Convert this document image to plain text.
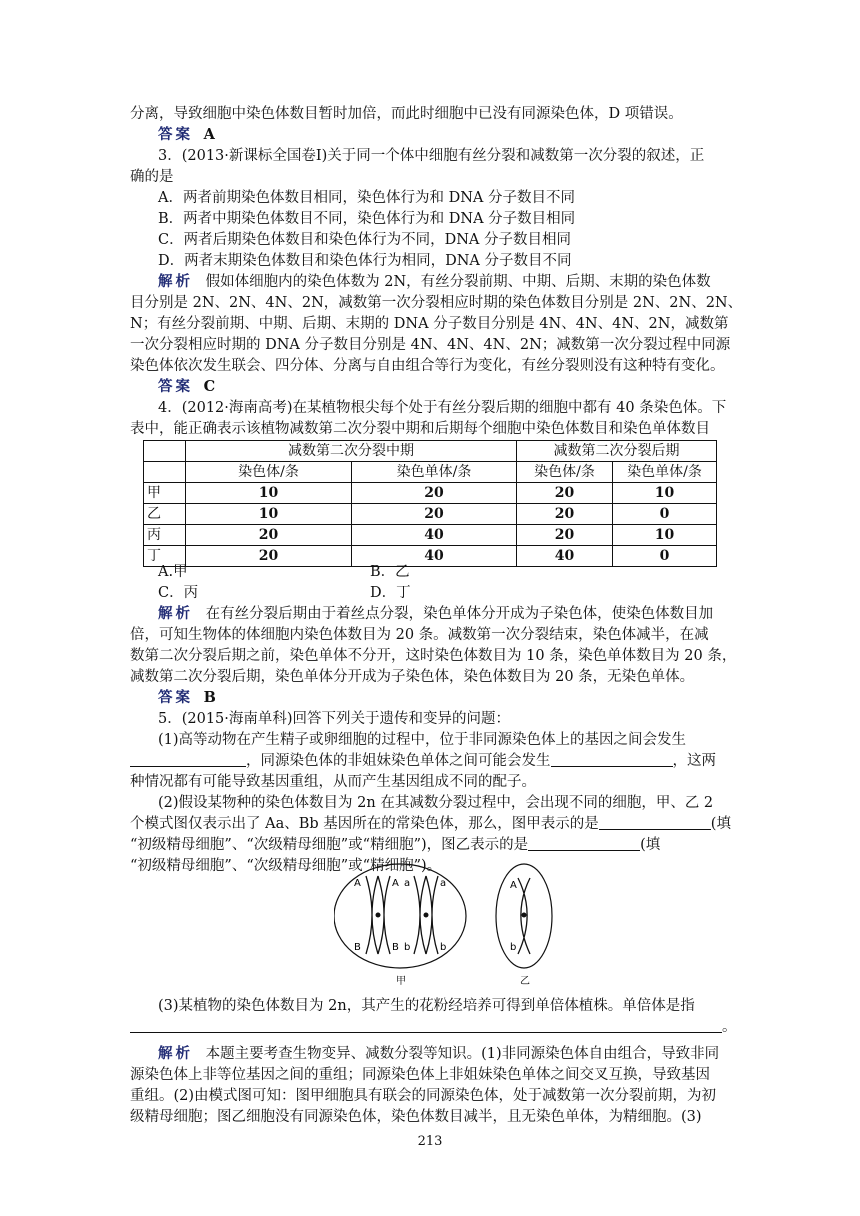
分离，导致细胞中染色体数目暂时加倍，而此时细胞中已没有同源染色体，D 项错误。
答案 A
3．(2013·新课标全国卷Ⅰ)关于同一个体中细胞有丝分裂和减数第一次分裂的叙述，正
确的是
A．两者前期染色体数目相同，染色体行为和 DNA 分子数目不同
B．两者中期染色体数目不同，染色体行为和 DNA 分子数目相同
C．两者后期染色体数目和染色体行为不同，DNA 分子数目相同
D．两者末期染色体数目和染色体行为相同，DNA 分子数目不同
解析 假如体细胞内的染色体数为 2N，有丝分裂前期、中期、后期、末期的染色体数
目分别是 2N、2N、4N、2N，减数第一次分裂相应时期的染色体数目分别是 2N、2N、2N、
N；有丝分裂前期、中期、后期、末期的 DNA 分子数目分别是 4N、4N、4N、2N，减数第
一次分裂相应时期的 DNA 分子数目分别是 4N、4N、4N、2N；减数第一次分裂过程中同源
染色体依次发生联会、四分体、分离与自由组合等行为变化，有丝分裂则没有这种特有变化。
答案 C
4．(2012·海南高考)在某植物根尖每个处于有丝分裂后期的细胞中都有 40 条染色体。下
表中，能正确表示该植物减数第二次分裂中期和后期每个细胞中染色体数目和染色单体数目
	减数第二次分裂中期		减数第二次分裂后期	
	染色体/条	染色单体/条	染色体/条	染色单体/条
甲	10	20	20	10
乙	10	20	20	0
丙	20	40	20	10
丁	20	40	40	0
A.甲	B．乙
C．丙	D．丁
解析 在有丝分裂后期由于着丝点分裂，染色单体分开成为子染色体，使染色体数目加
倍，可知生物体的体细胞内染色体数目为 20 条。减数第一次分裂结束，染色体减半，在减
数第二次分裂后期之前，染色单体不分开，这时染色体数目为 10 条，染色单体数目为 20 条，
减数第二次分裂后期，染色单体分开成为子染色体，染色体数目为 20 条，无染色单体。
答案 B
5．(2015·海南单科)回答下列关于遗传和变异的问题：
(1)高等动物在产生精子或卵细胞的过程中，位于非同源染色体上的基因之间会发生
，同源染色体的非姐妹染色单体之间可能会发生	，这两
种情况都有可能导致基因重组，从而产生基因组成不同的配子。
(2)假设某物种的染色体数目为 2n 在其减数分裂过程中，会出现不同的细胞，甲、乙 2
个模式图仅表示出了 Aa、Bb 基因所在的常染色体，那么，图甲表示的是	(填
“初级精母细胞”、“次级精母细胞”或“精细胞”)，图乙表示的是	(填
“初级精母细胞”、“次级精母细胞”或“精细胞”)。
A	A a	a
B	B b	b
甲
A
b
乙
(3)某植物的染色体数目为 2n，其产生的花粉经培养可得到单倍体植株。单倍体是指
。
解析 本题主要考查生物变异、减数分裂等知识。(1)非同源染色体自由组合，导致非同
源染色体上非等位基因之间的重组；同源染色体上非姐妹染色单体之间交叉互换，导致基因
重组。(2)由模式图可知：图甲细胞具有联会的同源染色体，处于减数第一次分裂前期，为初
级精母细胞；图乙细胞没有同源染色体，染色体数目减半，且无染色单体，为精细胞。(3)
213
